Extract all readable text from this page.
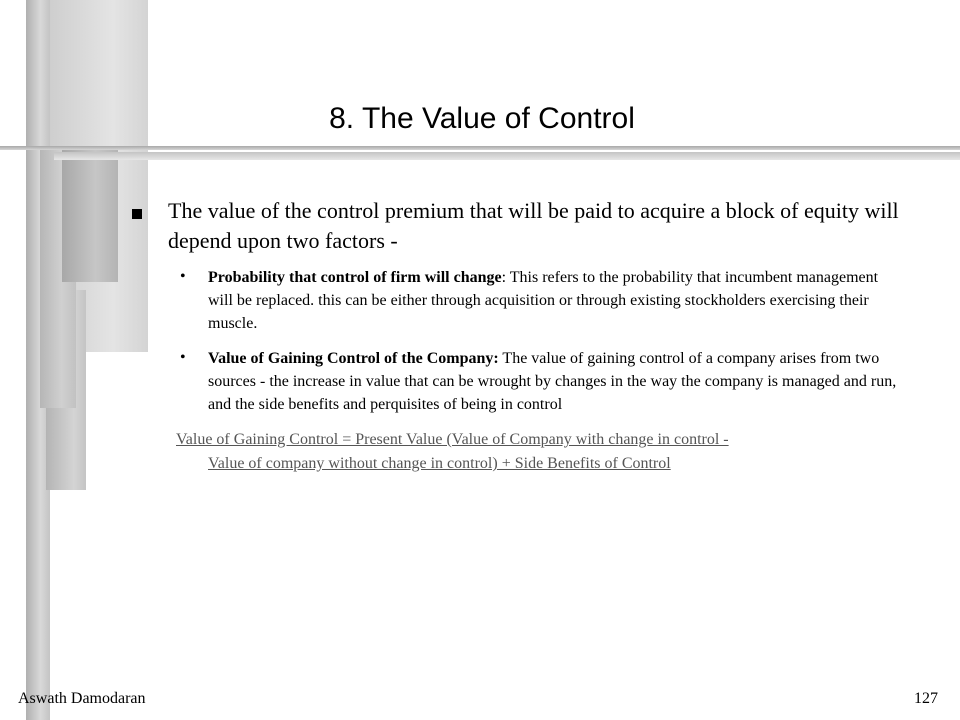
8. The Value of Control
The value of the control premium that will be paid to acquire a block of equity will depend upon two factors -
• Probability that control of firm will change: This refers to the probability that incumbent management will be replaced. this can be either through acquisition or through existing stockholders exercising their muscle.
• Value of Gaining Control of the Company: The value of gaining control of a company arises from two sources - the increase in value that can be wrought by changes in the way the company is managed and run, and the side benefits and perquisites of being in control
Value of Gaining Control = Present Value (Value of Company with change in control -
Value of company without change in control) + Side Benefits of Control
Aswath Damodaran	127
